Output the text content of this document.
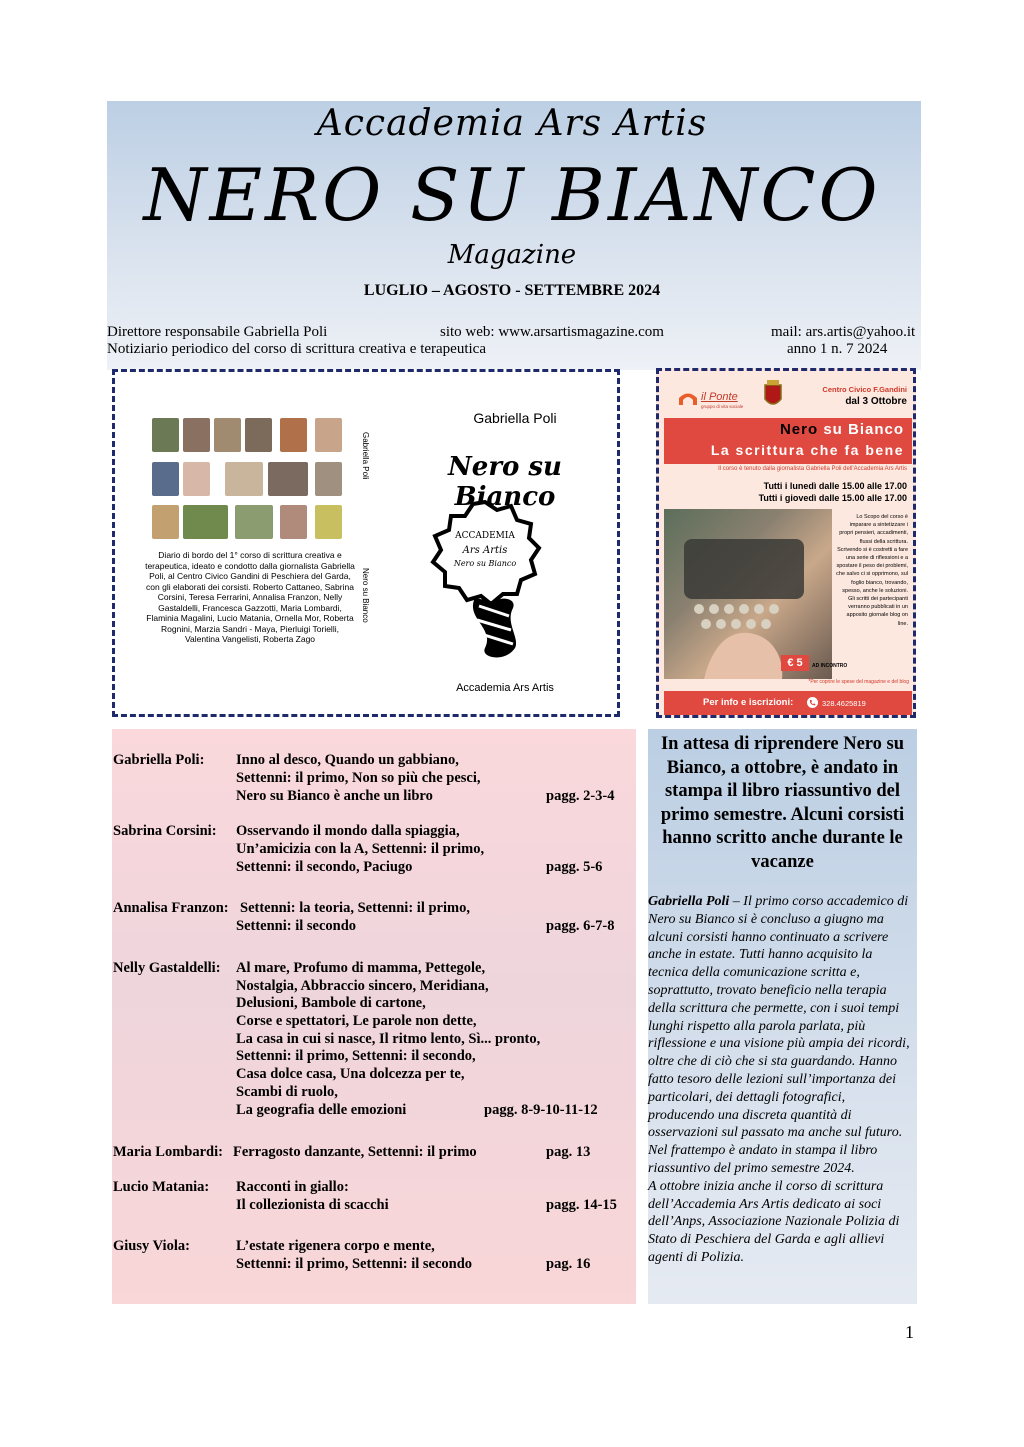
Accademia Ars Artis
NERO SU BIANCO
Magazine
LUGLIO – AGOSTO - SETTEMBRE 2024
Direttore responsabile Gabriella Poli	sito web: www.arsartismagazine.com	mail: ars.artis@yahoo.it
Notiziario periodico del corso di scrittura creativa e terapeutica	anno 1 n. 7 2024
Gabriella Poli
Nero su Bianco
Gabriella Poli
Nero su Bianco
ACCADEMIA
Ars Artis
Nero su Bianco
Diario di bordo del 1° corso di scrittura creativa e terapeutica, ideato e condotto dalla giornalista Gabriella Poli, al Centro Civico Gandini di Peschiera del Garda, con gli elaborati dei corsisti. Roberto Cattaneo, Sabrina Corsini, Teresa Ferrarini, Annalisa Franzon, Nelly Gastaldelli, Francesca Gazzotti, Maria Lombardi, Flaminia Magalini, Lucio Matania, Ornella Mor, Roberta Rognini, Marzia Sandri - Maya, Pierluigi Torielli, Valentina Vangelisti, Roberta Zago
Accademia Ars Artis
il Ponte
gruppo di vita sociale
Centro Civico F.Gandini
dal 3 Ottobre
Nero su Bianco
La scrittura che fa bene
Il corso è tenuto dalla giornalista Gabriella Poli dell'Accademia Ars Artis
Tutti i lunedì dalle 15.00 alle 17.00
Tutti i giovedì dalle 15.00 alle 17.00
Lo Scopo del corso è imparare a sintetizzare i propri pensieri, accadimenti, flussi della scrittura. Scrivendo si è costretti a fare una serie di riflessioni e a spostare il peso dei problemi, che salvo ci si opprimono, sul foglio bianco, trovando, spesso, anche le soluzioni. Gli scritti dei partecipanti verranno pubblicati in un apposito giornale blog on line.
€ 5	AD INCONTRO
*Per coprire le spese del magazine e del blog
Per info e iscrizioni:	328.4625819
Gabriella Poli: Inno al desco, Quando un gabbiano,
Settenni: il primo, Non so più che pesci,
Nero su Bianco è anche un libro	pagg. 2-3-4
Sabrina Corsini: Osservando il mondo dalla spiaggia,
Un’amicizia con la A, Settenni: il primo,
Settenni: il secondo, Paciugo	pagg. 5-6
Annalisa Franzon: Settenni: la teoria, Settenni: il primo,
Settenni: il secondo	pagg. 6-7-8
Nelly Gastaldelli: Al mare, Profumo di mamma, Pettegole,
Nostalgia, Abbraccio sincero, Meridiana,
Delusioni, Bambole di cartone,
Corse e spettatori, Le parole non dette,
La casa in cui si nasce, Il ritmo lento, Sì... pronto,
Settenni: il primo, Settenni: il secondo,
Casa dolce casa, Una dolcezza per te,
Scambi di ruolo,
La geografia delle emozioni	pagg. 8-9-10-11-12
Maria Lombardi: Ferragosto danzante, Settenni: il primo	pag. 13
Lucio Matania: Racconti in giallo:
Il collezionista di scacchi	pagg. 14-15
Giusy Viola:	L’estate rigenera corpo e mente,
Settenni: il primo, Settenni: il secondo	pag. 16
In attesa di riprendere Nero su Bianco, a ottobre, è andato in stampa il libro riassuntivo del primo semestre. Alcuni corsisti hanno scritto anche durante le vacanze
Gabriella Poli – Il primo corso accademico di Nero su Bianco si è concluso a giugno ma alcuni corsisti hanno continuato a scrivere anche in estate. Tutti hanno acquisito la tecnica della comunicazione scritta e, soprattutto, trovato beneficio nella terapia della scrittura che permette, con i suoi tempi lunghi rispetto alla parola parlata, più riflessione e una visione più ampia dei ricordi, oltre che di ciò che si sta guardando. Hanno fatto tesoro delle lezioni sull’importanza dei particolari, dei dettagli fotografici, producendo una discreta quantità di osservazioni sul passato ma anche sul futuro.
Nel frattempo è andato in stampa il libro riassuntivo del primo semestre 2024.
A ottobre inizia anche il corso di scrittura dell’Accademia Ars Artis dedicato ai soci dell’Anps, Associazione Nazionale Polizia di Stato di Peschiera del Garda e agli allievi agenti di Polizia.
1
